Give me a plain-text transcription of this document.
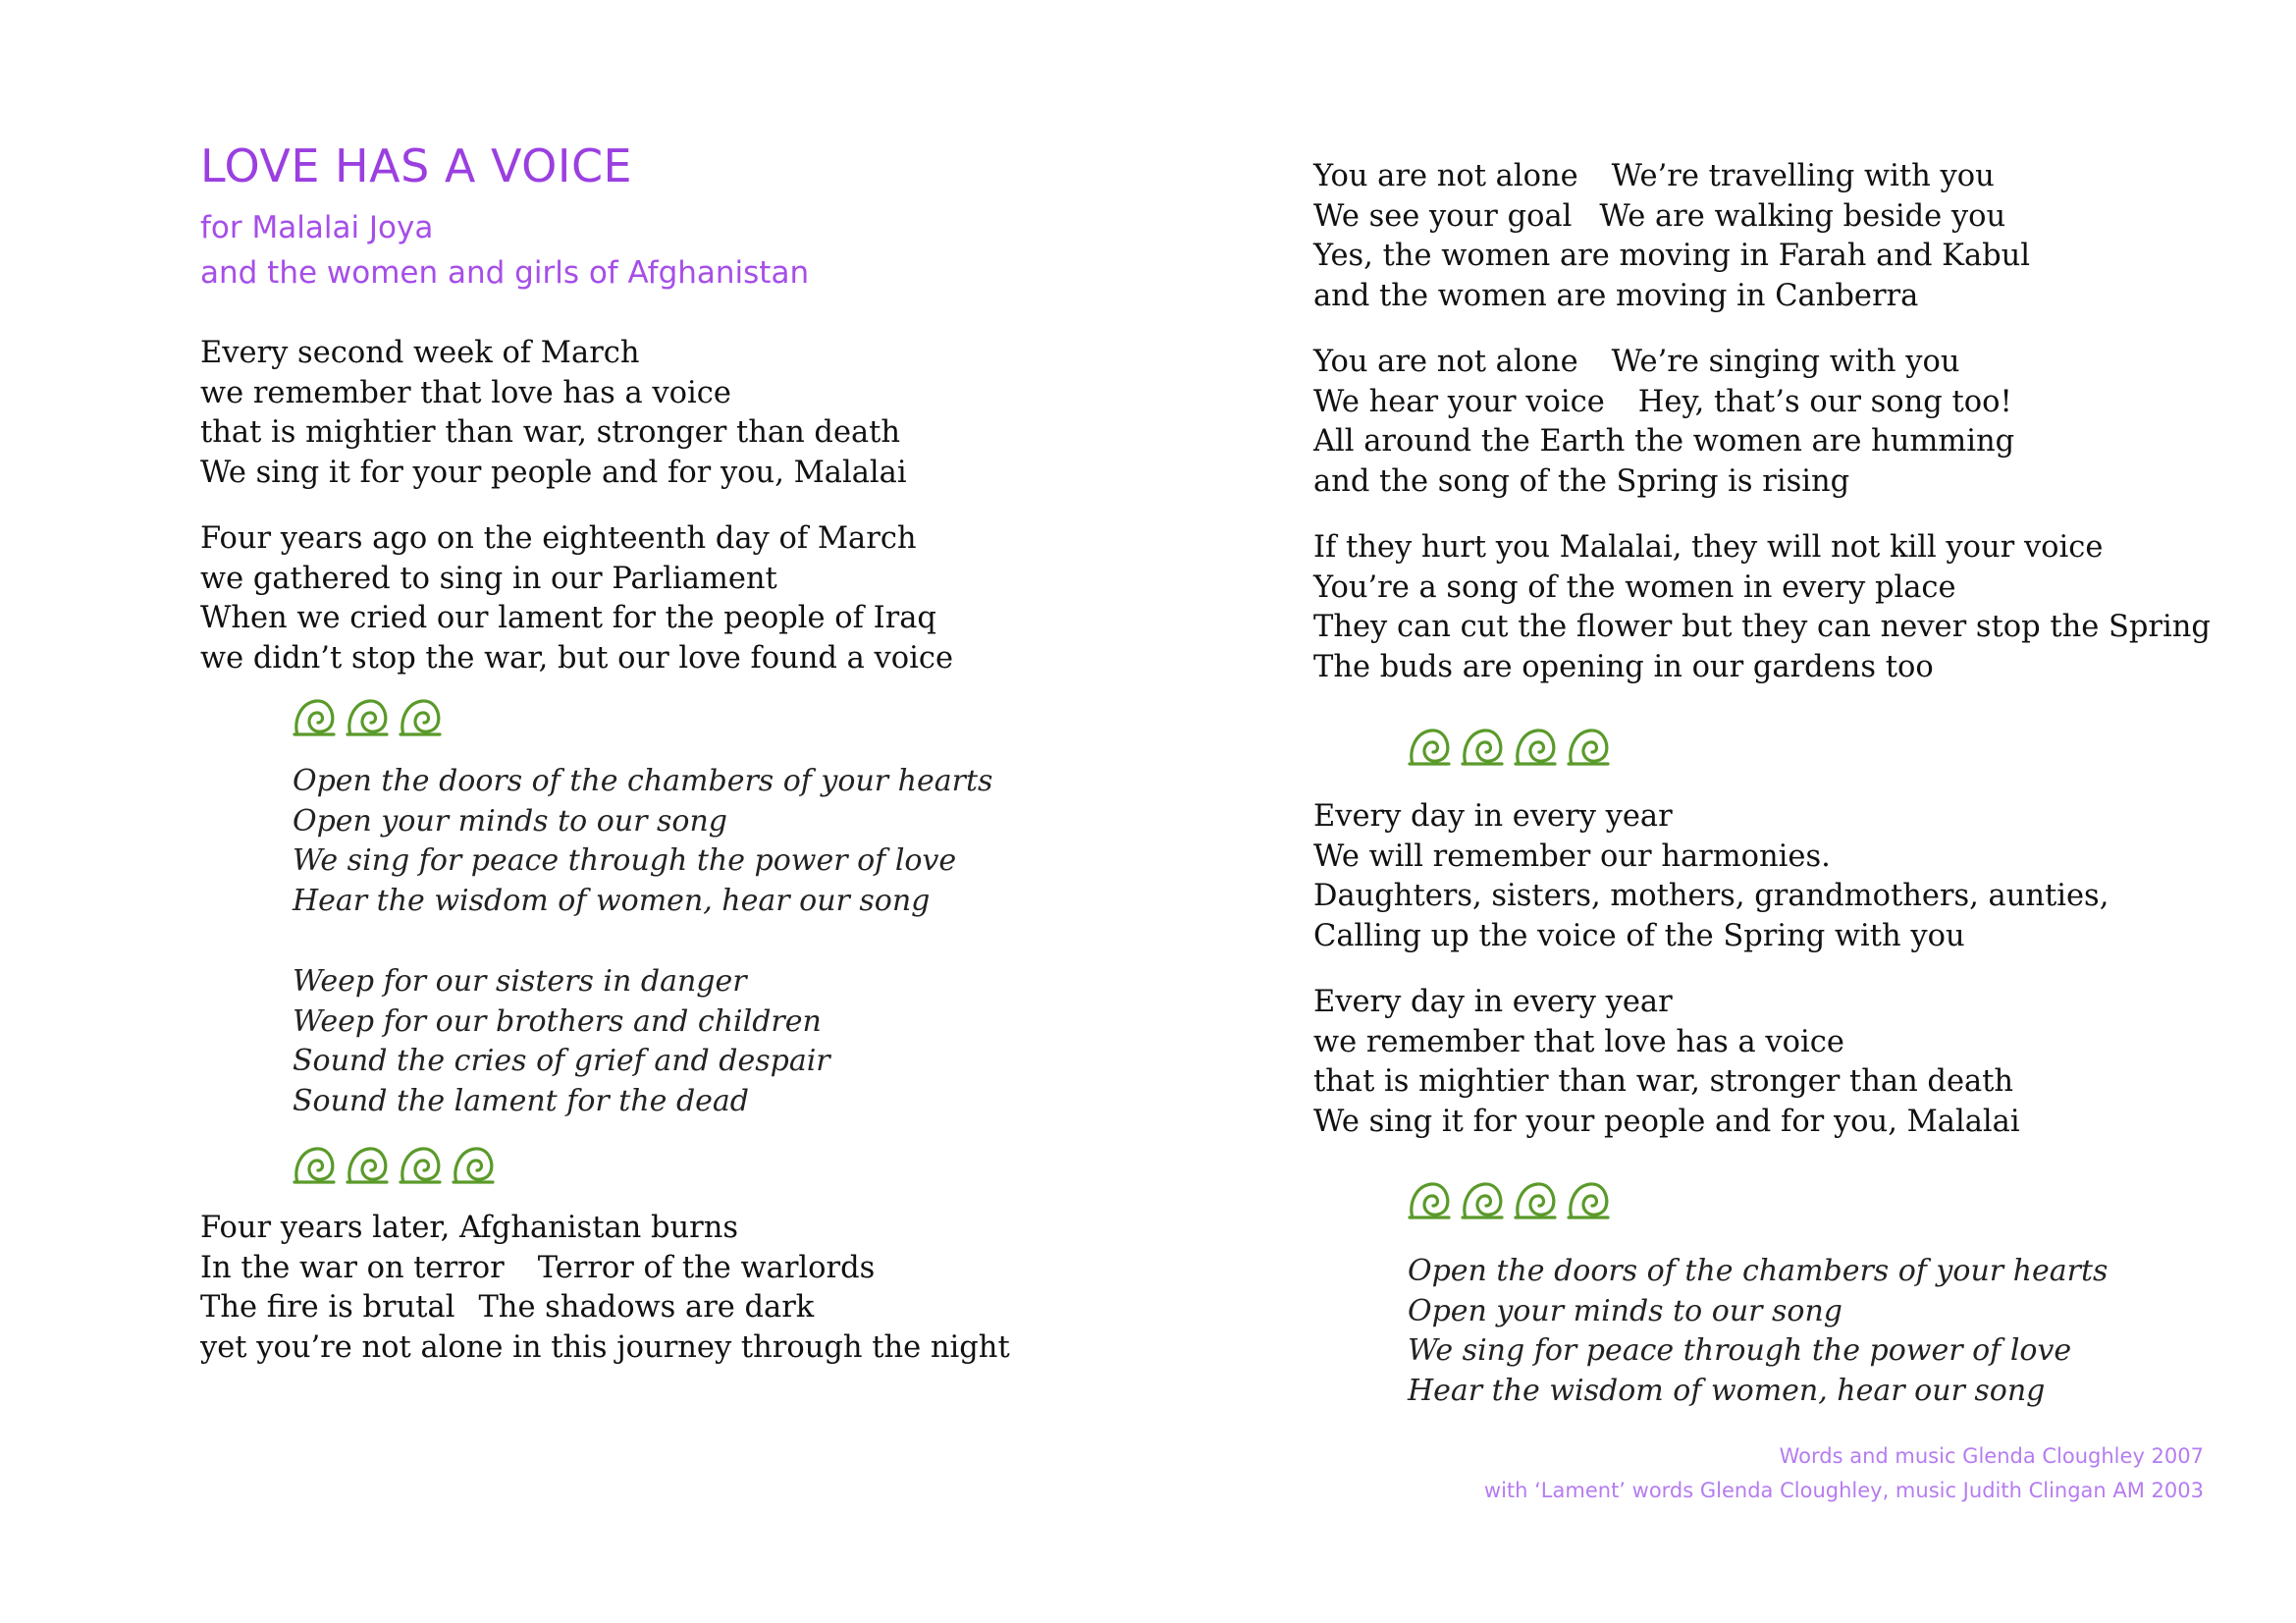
LOVE HAS A VOICE

for Malalai Joya

and the women and girls of Afghanistan

Every second week of March
we remember that love has a voice
that is mightier than war, stronger than death
We sing it for your people and for you, Malalai
Four years ago on the eighteenth day of March
we gathered to sing in our Parliament
When we cried our lament for the people of Iraq
we didn’t stop the war, but our love found a voice
Open the doors of the chambers of your hearts
Open your minds to our song
We sing for peace through the power of love
Hear the wisdom of women, hear our song
Weep for our sisters in danger
Weep for our brothers and children
Sound the cries of grief and despair
Sound the lament for the dead
Four years later, Afghanistan burns
In the war on terror Terror of the warlords
The fire is brutal The shadows are dark
yet you’re not alone in this journey through the night
You are not alone We’re travelling with you
We see your goal We are walking beside you
Yes, the women are moving in Farah and Kabul
and the women are moving in Canberra
You are not alone We’re singing with you
We hear your voice Hey, that’s our song too!
All around the Earth the women are humming
and the song of the Spring is rising
If they hurt you Malalai, they will not kill your voice
You’re a song of the women in every place
They can cut the flower but they can never stop the Spring
The buds are opening in our gardens too
Every day in every year
We will remember our harmonies.
Daughters, sisters, mothers, grandmothers, aunties,
Calling up the voice of the Spring with you
Every day in every year
we remember that love has a voice
that is mightier than war, stronger than death
We sing it for your people and for you, Malalai
Open the doors of the chambers of your hearts
Open your minds to our song
We sing for peace through the power of love
Hear the wisdom of women, hear our song

Words and music Glenda Cloughley 2007

with ‘Lament’ words Glenda Cloughley, music Judith Clingan AM 2003
